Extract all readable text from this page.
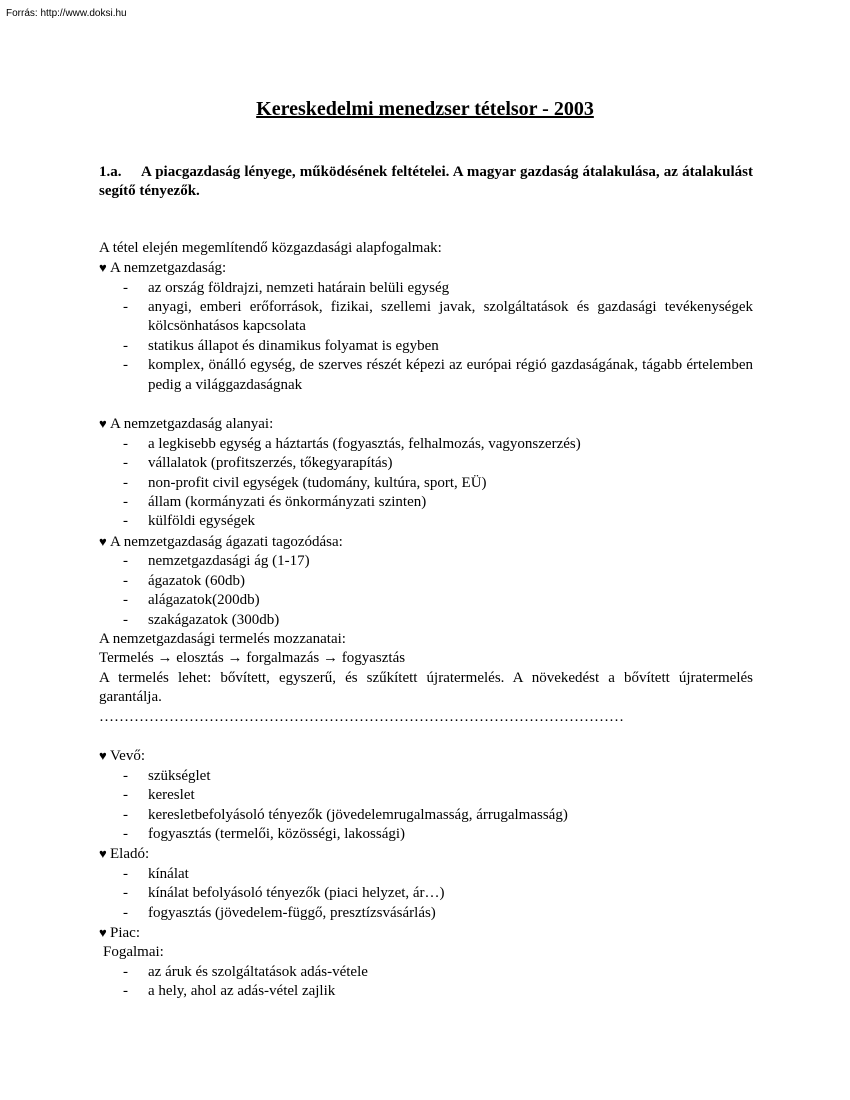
Forrás: http://www.doksi.hu
Kereskedelmi menedzser tételsor - 2003

1.a. A piacgazdaság lényege, működésének feltételei. A magyar gazdaság átalakulása, az átalakulást segítő tényezők.

A tétel elején megemlítendő közgazdasági alapfogalmak:

♥ A nemzetgazdaság:

- az ország földrajzi, nemzeti határain belüli egység
- anyagi, emberi erőforrások, fizikai, szellemi javak, szolgáltatások és gazdasági tevékenységek kölcsönhatásos kapcsolata
- statikus állapot és dinamikus folyamat is egyben
- komplex, önálló egység, de szerves részét képezi az európai régió gazdaságának, tágabb értelemben pedig a világgazdaságnak

♥ A nemzetgazdaság alanyai:

- a legkisebb egység a háztartás (fogyasztás, felhalmozás, vagyonszerzés)
- vállalatok (profitszerzés, tőkegyarapítás)
- non-profit civil egységek (tudomány, kultúra, sport, EÜ)
- állam (kormányzati és önkormányzati szinten)
- külföldi egységek

♥ A nemzetgazdaság ágazati tagozódása:

- nemzetgazdasági ág (1-17)
- ágazatok (60db)
- alágazatok(200db)
- szakágazatok (300db)

A nemzetgazdasági termelés mozzanatai:

Termelés → elosztás → forgalmazás → fogyasztás

A termelés lehet: bővített, egyszerű, és szűkített újratermelés. A növekedést a bővített újratermelés garantálja.

……………………………………………………………………………………………

♥ Vevő:

- szükséglet
- kereslet
- keresletbefolyásoló tényezők (jövedelemrugalmasság, árrugalmasság)
- fogyasztás (termelői, közösségi, lakossági)

♥ Eladó:

- kínálat
- kínálat befolyásoló tényezők (piaci helyzet, ár…)
- fogyasztás (jövedelem-függő, presztízsvásárlás)

♥ Piac:

Fogalmai:

- az áruk és szolgáltatások adás-vétele
- a hely, ahol az adás-vétel zajlik
